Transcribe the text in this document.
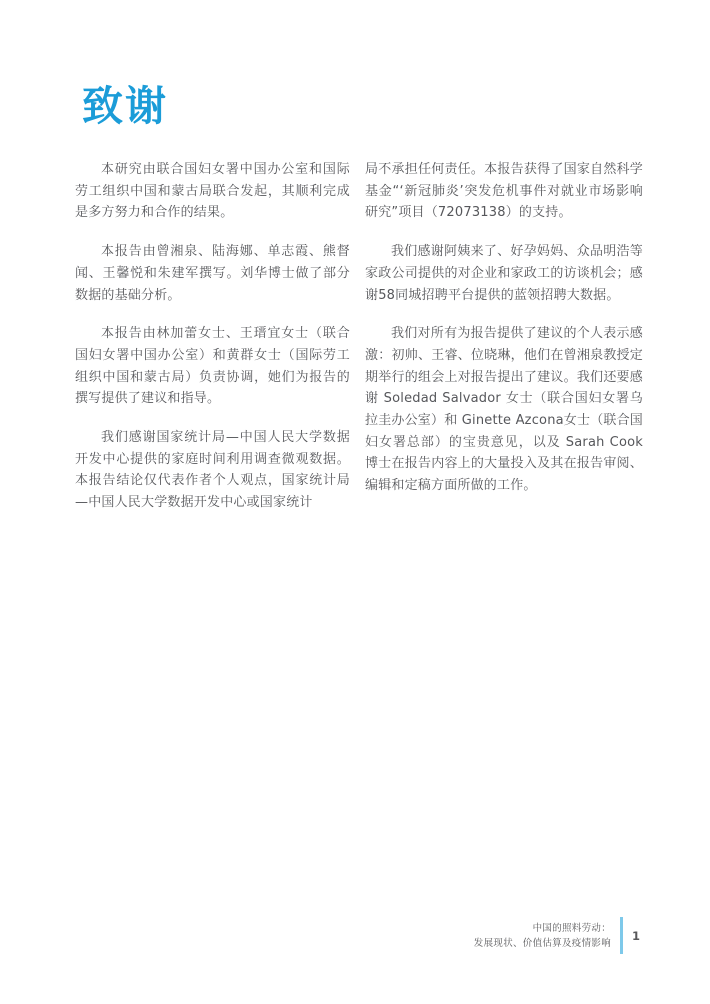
致谢

本研究由联合国妇女署中国办公室和国际劳工组织中国和蒙古局联合发起，其顺利完成是多方努力和合作的结果。

本报告由曾湘泉、陆海娜、单志霞、熊督闻、王馨悦和朱建军撰写。刘华博士做了部分数据的基础分析。

本报告由林加蕾女士、王瑨宜女士（联合国妇女署中国办公室）和黄群女士（国际劳工组织中国和蒙古局）负责协调，她们为报告的撰写提供了建议和指导。

我们感谢国家统计局—中国人民大学数据开发中心提供的家庭时间利用调查微观数据。本报告结论仅代表作者个人观点，国家统计局—中国人民大学数据开发中心或国家统计

局不承担任何责任。本报告获得了国家自然科学基金“‘新冠肺炎’突发危机事件对就业市场影响研究”项目（72073138）的支持。

我们感谢阿姨来了、好孕妈妈、众品明浩等家政公司提供的对企业和家政工的访谈机会；感谢58同城招聘平台提供的蓝领招聘大数据。

我们对所有为报告提供了建议的个人表示感激：初帅、王睿、位晓琳，他们在曾湘泉教授定期举行的组会上对报告提出了建议。我们还要感谢 Soledad Salvador 女士（联合国妇女署乌拉圭办公室）和 Ginette Azcona女士（联合国妇女署总部）的宝贵意见，以及 Sarah Cook 博士在报告内容上的大量投入及其在报告审阅、编辑和定稿方面所做的工作。

中国的照料劳动：
发展现状、价值估算及疫情影响
1
